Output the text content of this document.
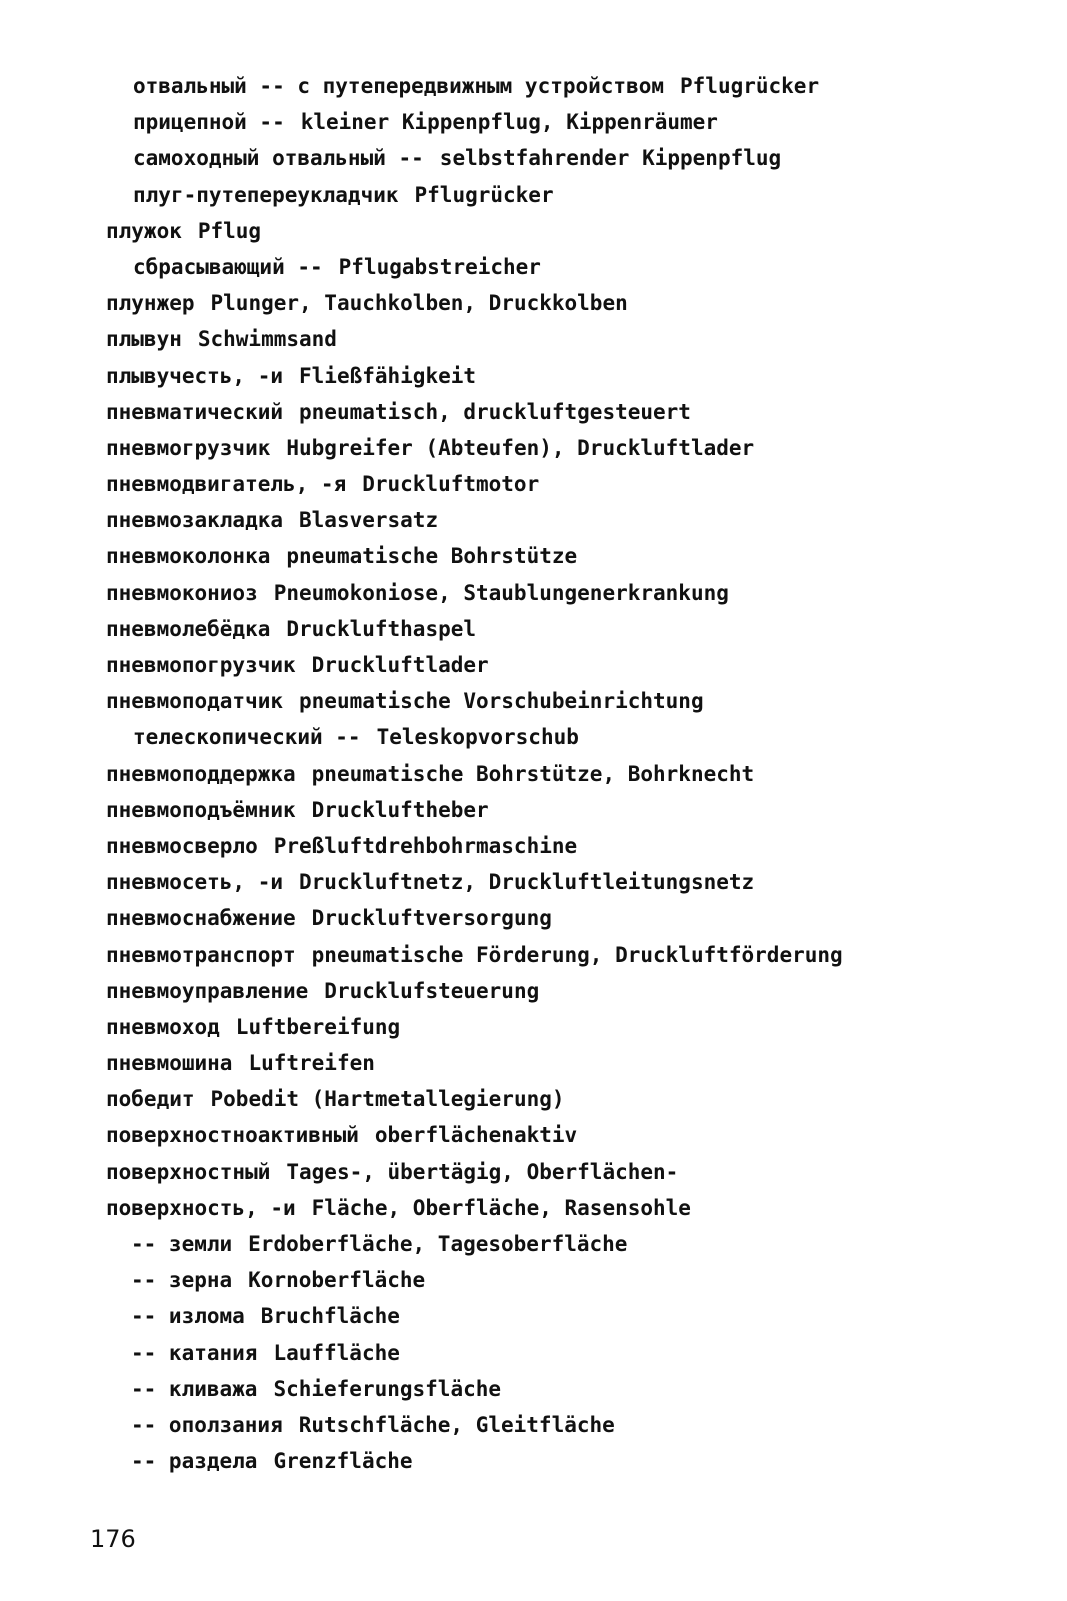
отвальный -- с путепередвижным устройством Pflugrücker
прицепной -- kleiner Kippenpflug, Kippenräumer
самоходный отвальный -- selbstfahrender Kippenpflug
плуг-путепереукладчик Pflugrücker
плужок Pflug
сбрасывающий -- Pflugabstreicher
плунжер Plunger, Tauchkolben, Druckkolben
плывун Schwimmsand
плывучесть, -и Fließfähigkeit
пневматический pneumatisch, druckluftgesteuert
пневмогрузчик Hubgreifer (Abteufen), Druckluftlader
пневмодвигатель, -я Druckluftmotor
пневмозакладка Blasversatz
пневмоколонка pneumatische Bohrstütze
пневмокониоз Pneumokoniose, Staublungenerkrankung
пневмолебёдка Drucklufthaspel
пневмопогрузчик Druckluftlader
пневмоподатчик pneumatische Vorschubeinrichtung
телескопический -- Teleskopvorschub
пневмоподдержка pneumatische Bohrstütze, Bohrknecht
пневмоподъёмник Druckluftheber
пневмосверло Preßluftdrehbohrmaschine
пневмосеть, -и Druckluftnetz, Druckluftleitungsnetz
пневмоснабжение Druckluftversorgung
пневмотранспорт pneumatische Förderung, Druckluftförderung
пневмоуправление Drucklufsteuerung
пневмоход Luftbereifung
пневмошина Luftreifen
победит Pobedit (Hartmetallegierung)
поверхностноактивный oberflächenaktiv
поверхностный Tages-, übertägig, Oberflächen-
поверхность, -и Fläche, Oberfläche, Rasensohle
-- земли Erdoberfläche, Tagesoberfläche
-- зерна Kornoberfläche
-- излома Bruchfläche
-- катания Lauffläche
-- кливажа Schieferungsfläche
-- оползания Rutschfläche, Gleitfläche
-- раздела Grenzfläche
176
